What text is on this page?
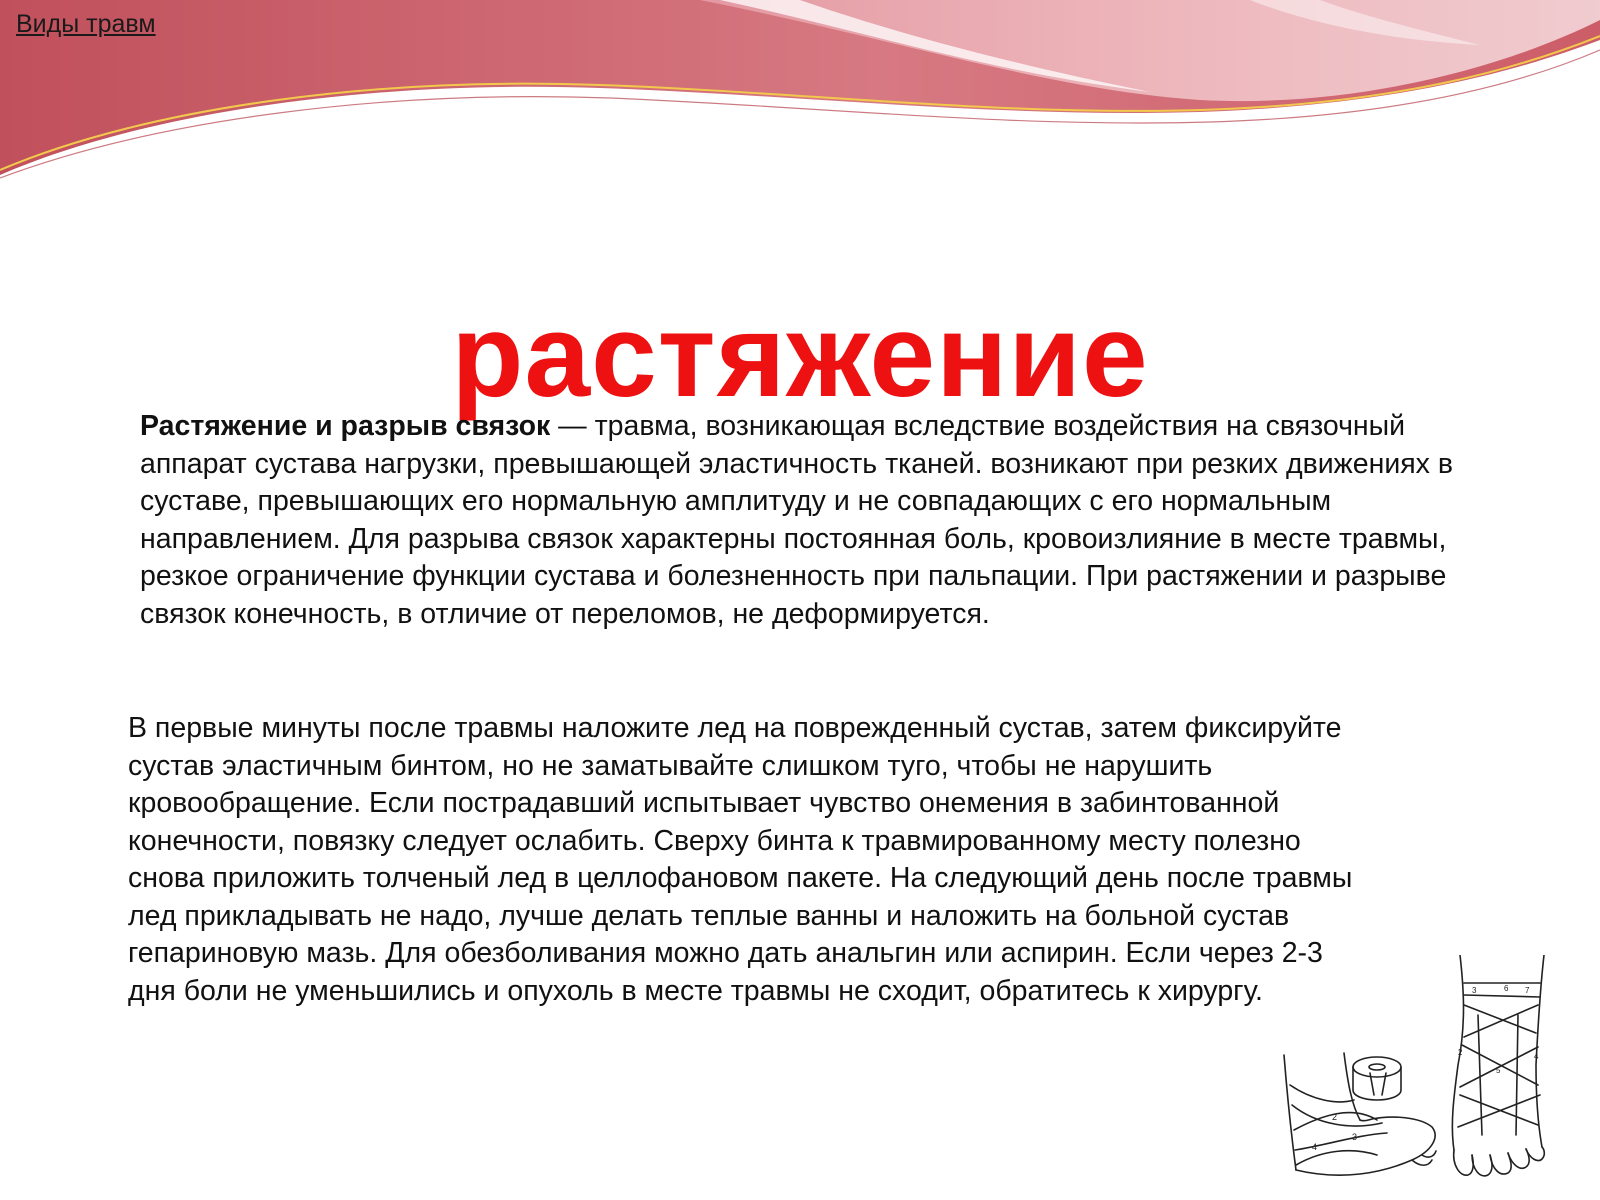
Виды травм
растяжение

Растяжение и разрыв связок — травма, возникающая вследствие воздействия на связочный аппарат сустава нагрузки, превышающей эластичность тканей. возникают при резких движениях в суставе, превышающих его нормальную амплитуду и не совпадающих с его нормальным направлением. Для разрыва связок характерны постоянная боль, кровоизлияние в месте травмы, резкое ограничение функции сустава и болезненность при пальпации. При растяжении и разрыве связок конечность, в отличие от переломов, не деформируется.

В первые минуты после травмы наложите лед на поврежденный сустав, затем фиксируйте сустав эластичным бинтом, но не заматывайте слишком туго, чтобы не нарушить кровообращение. Если пострадавший испытывает чувство онемения в забинтованной конечности, повязку следует ослабить. Сверху бинта к травмированному месту полезно снова приложить толченый лед в целлофановом пакете. На следующий день после травмы лед прикладывать не надо, лучше делать теплые ванны и наложить на больной сустав гепариновую мазь. Для обезболивания можно дать анальгин или аспирин. Если через 2-3 дня боли не уменьшились и опухоль в месте травмы не сходит, обратитесь к хирургу.

2
3
4
3	7
2	4
5
6
